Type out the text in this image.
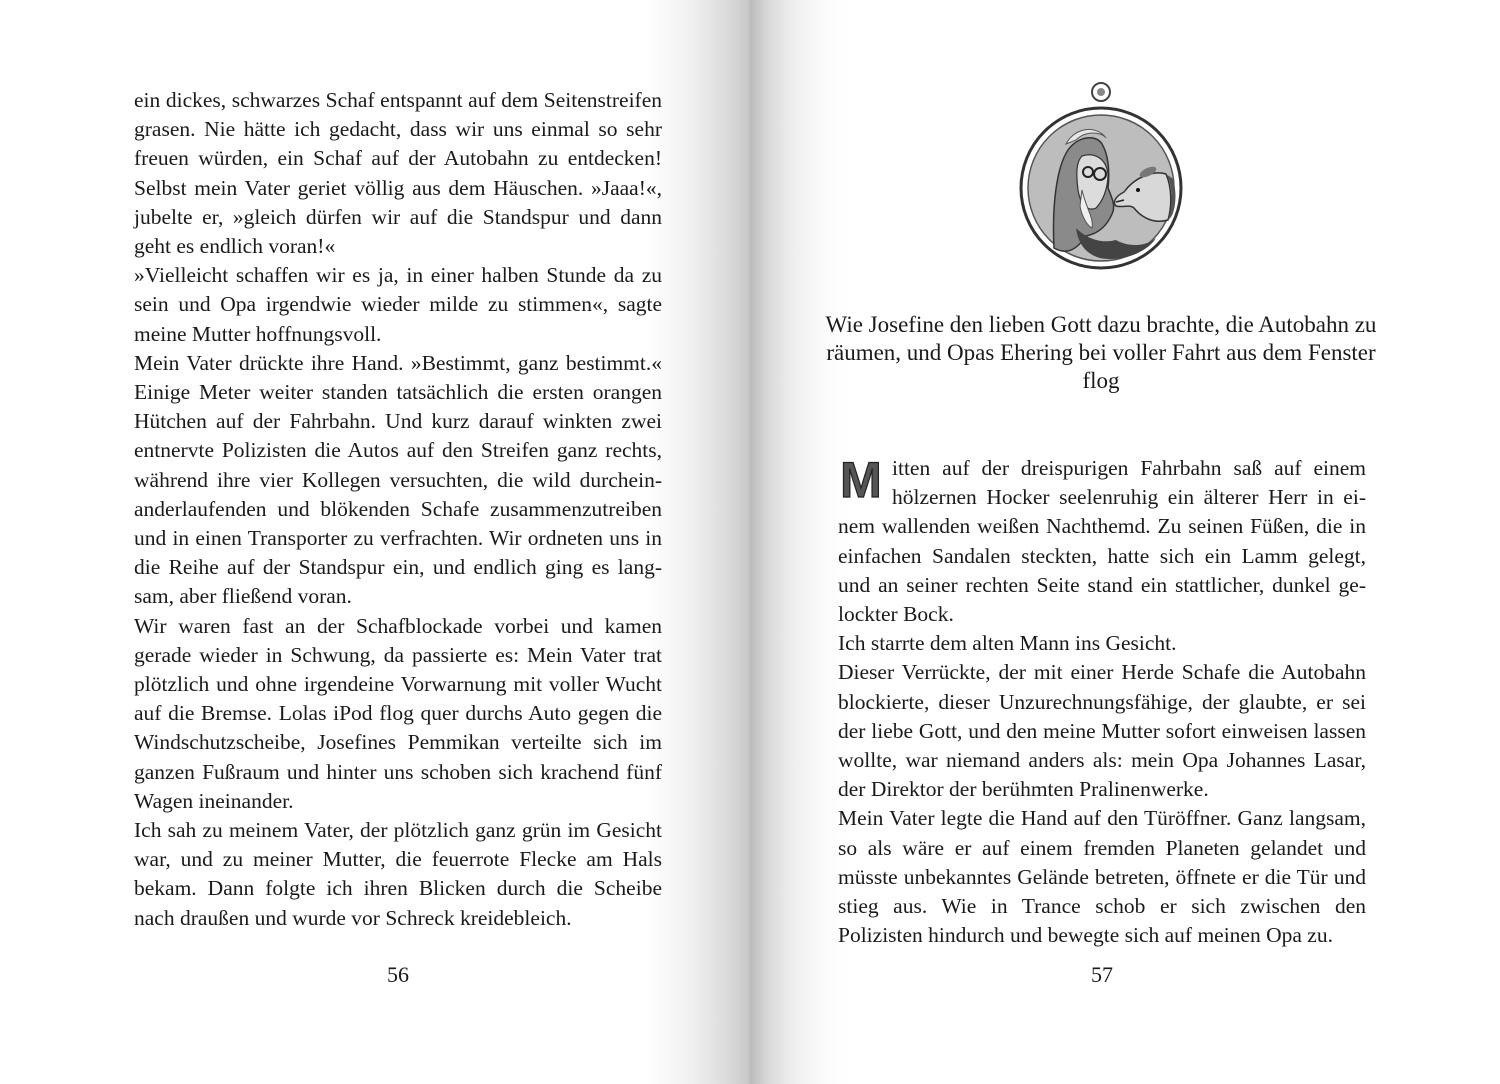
ein dickes, schwarzes Schaf entspannt auf dem Seitenstreifen grasen. Nie hätte ich gedacht, dass wir uns einmal so sehr freuen würden, ein Schaf auf der Autobahn zu entdecken! Selbst mein Vater geriet völlig aus dem Häuschen. »Jaaa!«, jubelte er, »gleich dürfen wir auf die Standspur und dann geht es endlich voran!«

»Vielleicht schaffen wir es ja, in einer halben Stunde da zu sein und Opa irgendwie wieder milde zu stimmen«, sagte meine Mutter hoffnungsvoll.

Mein Vater drückte ihre Hand. »Bestimmt, ganz bestimmt.« Einige Meter weiter standen tatsächlich die ersten orangen Hütchen auf der Fahrbahn. Und kurz darauf winkten zwei entnervte Polizisten die Autos auf den Streifen ganz rechts, während ihre vier Kollegen versuchten, die wild durcheinanderlaufenden und blökenden Schafe zusammenzutreiben und in einen Transporter zu verfrachten. Wir ordneten uns in die Reihe auf der Standspur ein, und endlich ging es langsam, aber fließend voran.

Wir waren fast an der Schafblockade vorbei und kamen gerade wieder in Schwung, da passierte es: Mein Vater trat plötzlich und ohne irgendeine Vorwarnung mit voller Wucht auf die Bremse. Lolas iPod flog quer durchs Auto gegen die Windschutzscheibe, Josefines Pemmikan verteilte sich im ganzen Fußraum und hinter uns schoben sich krachend fünf Wagen ineinander.

Ich sah zu meinem Vater, der plötzlich ganz grün im Gesicht war, und zu meiner Mutter, die feuerrote Flecke am Hals bekam. Dann folgte ich ihren Blicken durch die Scheibe nach draußen und wurde vor Schreck kreidebleich.

56
Wie Josefine den lieben Gott dazu brachte, die Autobahn zu räumen, und Opas Ehering bei voller Fahrt aus dem Fenster flog

M itten auf der dreispurigen Fahrbahn saß auf einem hölzernen Hocker seelenruhig ein älterer Herr in einem wallenden weißen Nachthemd. Zu seinen Füßen, die in einfachen Sandalen steckten, hatte sich ein Lamm gelegt, und an seiner rechten Seite stand ein stattlicher, dunkel gelockter Bock.

Ich starrte dem alten Mann ins Gesicht.

Dieser Verrückte, der mit einer Herde Schafe die Autobahn blockierte, dieser Unzurechnungsfähige, der glaubte, er sei der liebe Gott, und den meine Mutter sofort einweisen lassen wollte, war niemand anders als: mein Opa Johannes Lasar, der Direktor der berühmten Pralinenwerke.

Mein Vater legte die Hand auf den Türöffner. Ganz langsam, so als wäre er auf einem fremden Planeten gelandet und müsste unbekanntes Gelände betreten, öffnete er die Tür und stieg aus. Wie in Trance schob er sich zwischen den Polizisten hindurch und bewegte sich auf meinen Opa zu.

57
